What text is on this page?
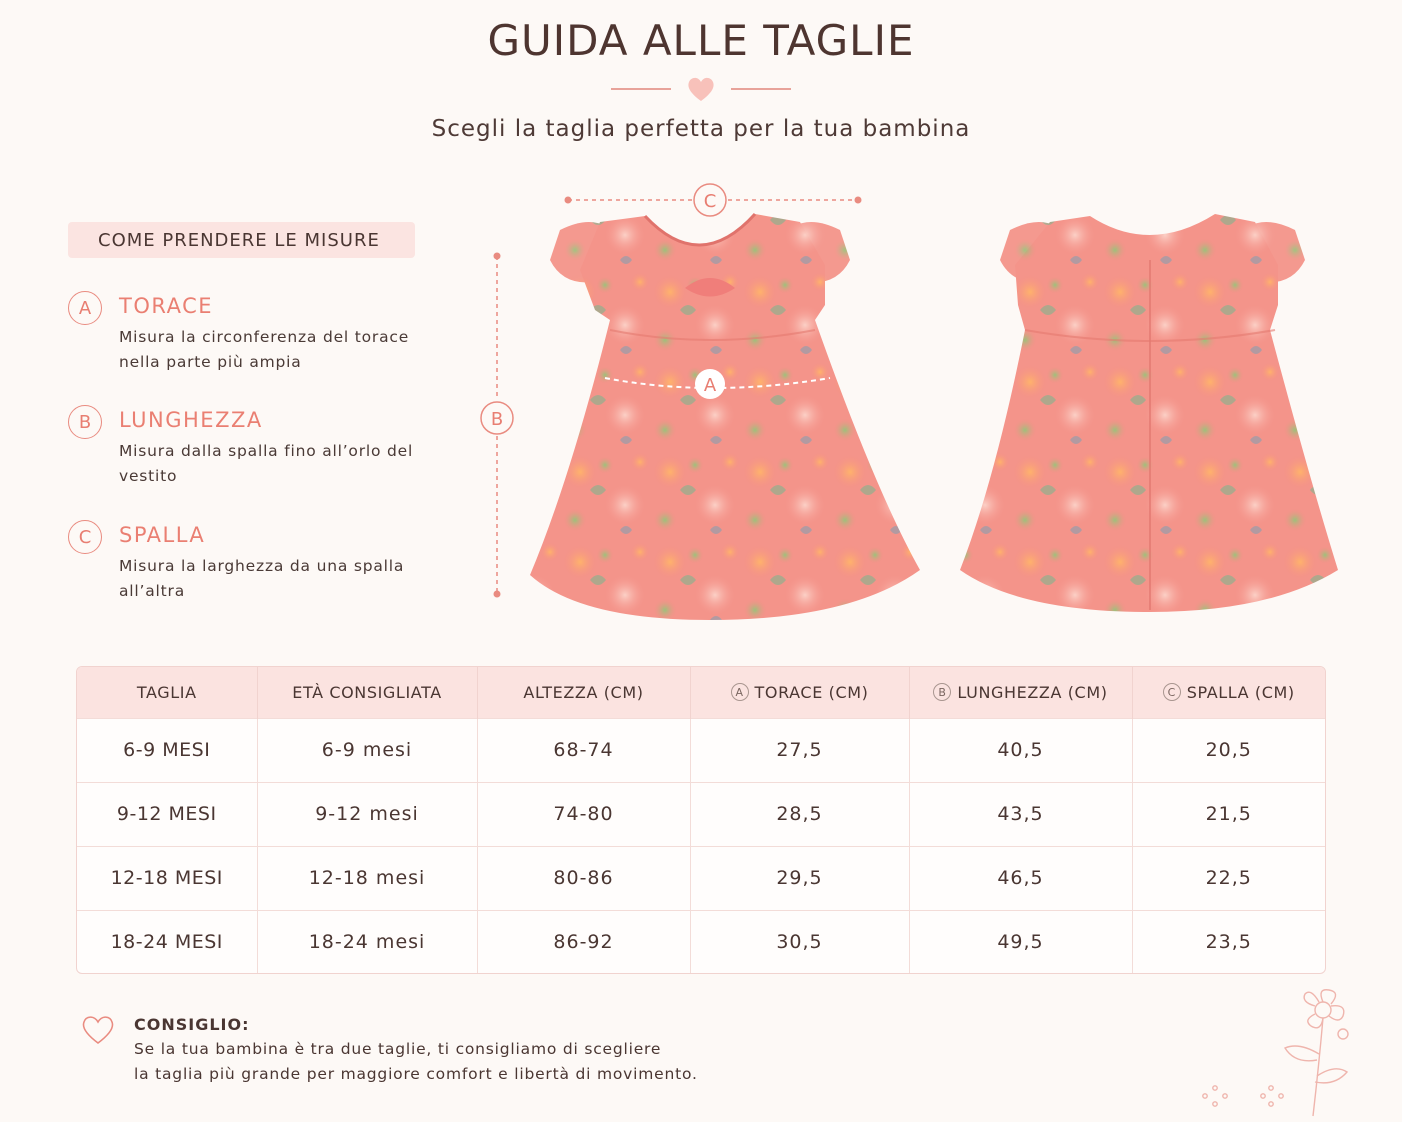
GUIDA ALLE TAGLIE
Scegli la taglia perfetta per la tua bambina
COME PRENDERE LE MISURE
A	TORACE
Misura la circonferenza del torace nella parte più ampia
B	LUNGHEZZA
Misura dalla spalla fino all’orlo del vestito
C	SPALLA
Misura la larghezza da una spalla all’altra
C
B
A
TAGLIA	ETÀ CONSIGLIATA	ALTEZZA (CM)	A TORACE (CM)	B LUNGHEZZA (CM)	C SPALLA (CM)
6-9 MESI	6-9 mesi	68-74	27,5	40,5	20,5
9-12 MESI	9-12 mesi	74-80	28,5	43,5	21,5
12-18 MESI	12-18 mesi	80-86	29,5	46,5	22,5
18-24 MESI	18-24 mesi	86-92	30,5	49,5	23,5
CONSIGLIO:
Se la tua bambina è tra due taglie, ti consigliamo di scegliere
la taglia più grande per maggiore comfort e libertà di movimento.
